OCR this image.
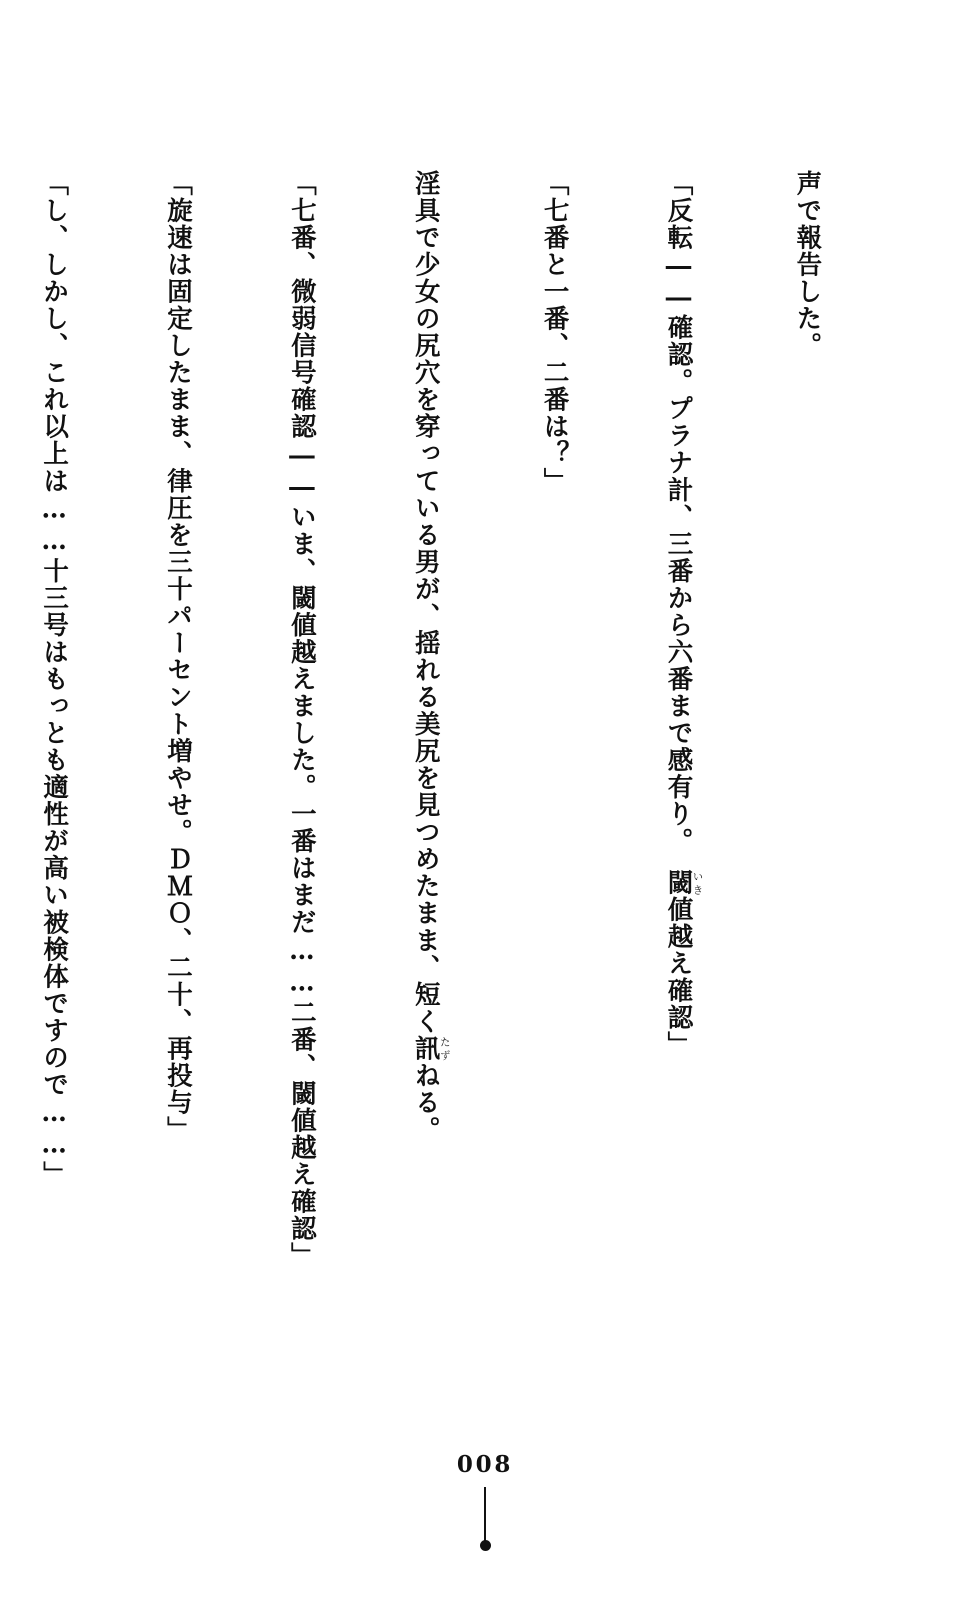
声で報告した。

「反転――確認。プラナ計、三番から六番まで感有り。　閾いき値越え確認」

「七番と一番、二番は？」

淫具で少女の尻穴を穿っている男が、揺れる美尻を見つめたまま、短く訊たずねる。

「七番、微弱信号確認――いま、閾値越えました。一番はまだ……二番、閾値越え確認」

「旋速は固定したまま、律圧を三十パーセント増やせ。ＤＭＯ、二十、再投与」

「し、しかし、これ以上は……十三号はもっとも適性が高い被検体ですので……」

008
